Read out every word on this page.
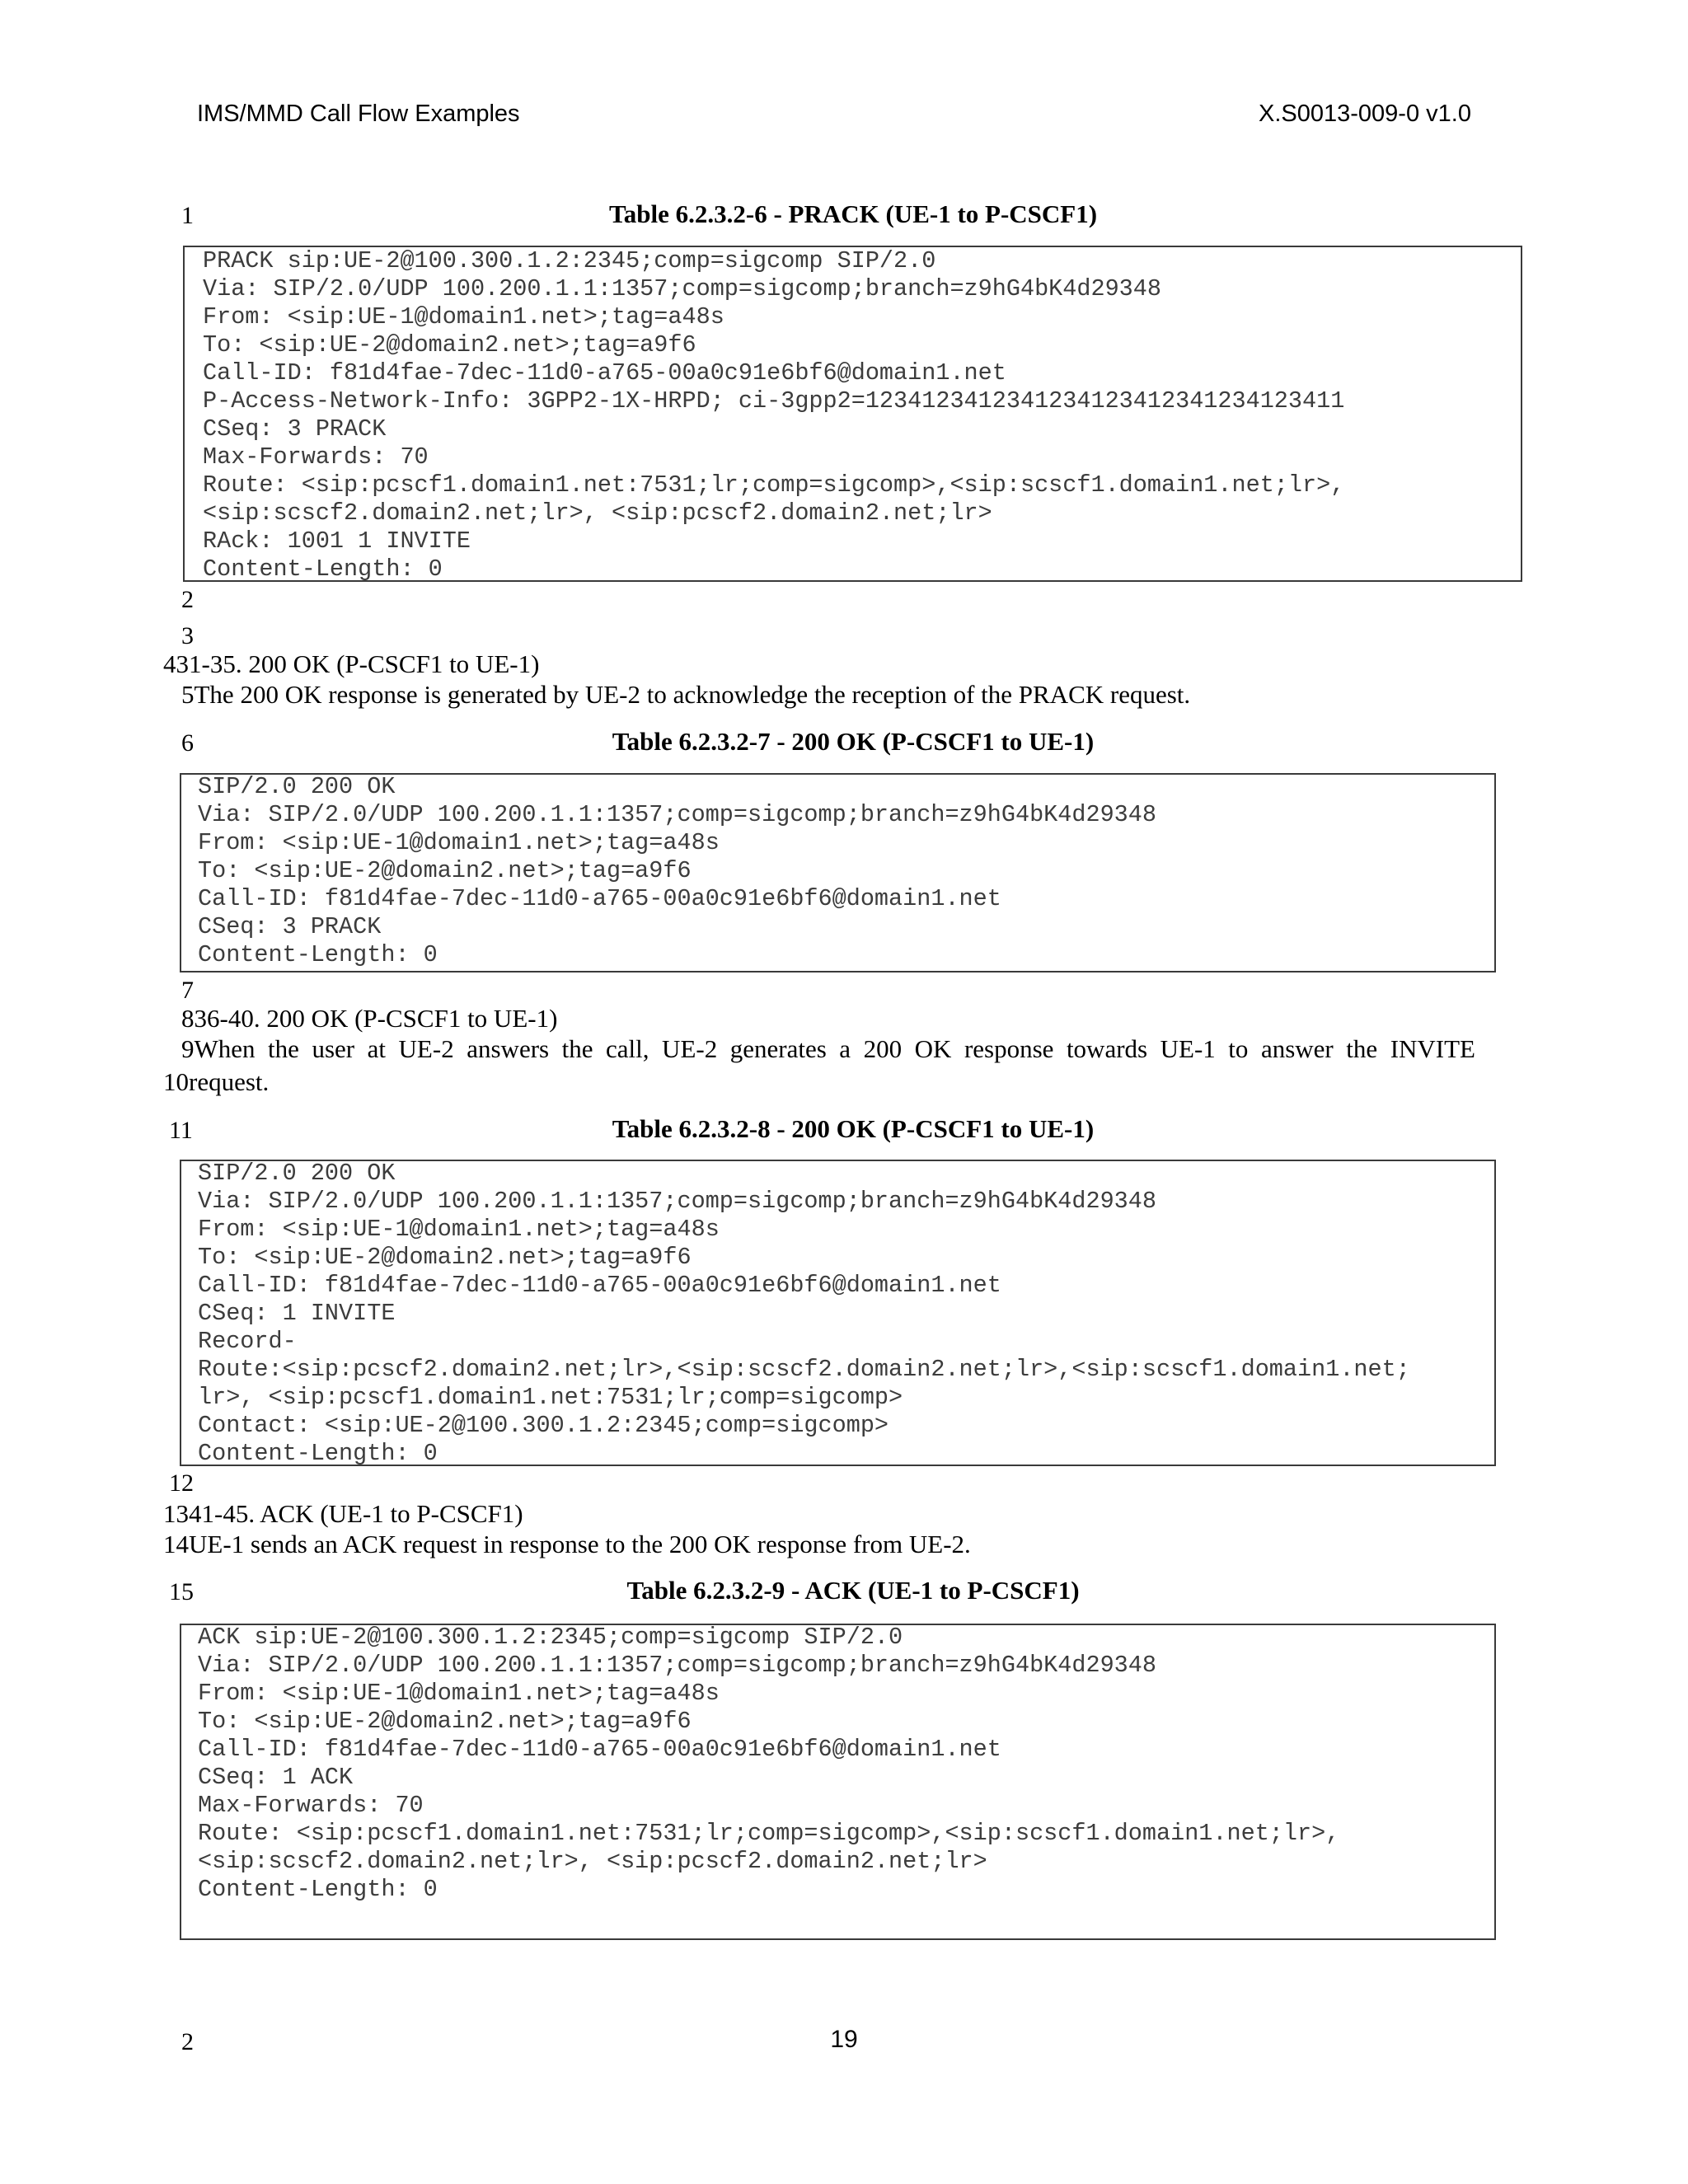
IMS/MMD Call Flow Examples	X.S0013-009-0 v1.0
1	Table 6.2.3.2-6 - PRACK (UE-1 to P-CSCF1)
PRACK sip:UE-2@100.300.1.2:2345;comp=sigcomp SIP/2.0
Via: SIP/2.0/UDP 100.200.1.1:1357;comp=sigcomp;branch=z9hG4bK4d29348
From: <sip:UE-1@domain1.net>;tag=a48s
To: <sip:UE-2@domain2.net>;tag=a9f6
Call-ID: f81d4fae-7dec-11d0-a765-00a0c91e6bf6@domain1.net
P-Access-Network-Info: 3GPP2-1X-HRPD; ci-3gpp2=1234123412341234123412341234123411
CSeq: 3 PRACK
Max-Forwards: 70
Route: <sip:pcscf1.domain1.net:7531;lr;comp=sigcomp>,<sip:scscf1.domain1.net;lr>,
<sip:scscf2.domain2.net;lr>, <sip:pcscf2.domain2.net;lr>
RAck: 1001 1 INVITE
Content-Length: 0
2
3
431-35. 200 OK (P-CSCF1 to UE-1)
5The 200 OK response is generated by UE-2 to acknowledge the reception of the PRACK request.
6	Table 6.2.3.2-7 - 200 OK (P-CSCF1 to UE-1)
SIP/2.0 200 OK
Via: SIP/2.0/UDP 100.200.1.1:1357;comp=sigcomp;branch=z9hG4bK4d29348
From: <sip:UE-1@domain1.net>;tag=a48s
To: <sip:UE-2@domain2.net>;tag=a9f6
Call-ID: f81d4fae-7dec-11d0-a765-00a0c91e6bf6@domain1.net
CSeq: 3 PRACK
Content-Length: 0
7
836-40. 200 OK (P-CSCF1 to UE-1)
9When the user at UE-2 answers the call, UE-2 generates a 200 OK response towards UE-1 to answer the INVITE
10request.
11	Table 6.2.3.2-8 - 200 OK (P-CSCF1 to UE-1)
SIP/2.0 200 OK
Via: SIP/2.0/UDP 100.200.1.1:1357;comp=sigcomp;branch=z9hG4bK4d29348
From: <sip:UE-1@domain1.net>;tag=a48s
To: <sip:UE-2@domain2.net>;tag=a9f6
Call-ID: f81d4fae-7dec-11d0-a765-00a0c91e6bf6@domain1.net
CSeq: 1 INVITE
Record-
Route:<sip:pcscf2.domain2.net;lr>,<sip:scscf2.domain2.net;lr>,<sip:scscf1.domain1.net;
lr>, <sip:pcscf1.domain1.net:7531;lr;comp=sigcomp>
Contact: <sip:UE-2@100.300.1.2:2345;comp=sigcomp>
Content-Length: 0
12
1341-45. ACK (UE-1 to P-CSCF1)
14UE-1 sends an ACK request in response to the 200 OK response from UE-2.
15	Table 6.2.3.2-9 - ACK (UE-1 to P-CSCF1)
ACK sip:UE-2@100.300.1.2:2345;comp=sigcomp SIP/2.0
Via: SIP/2.0/UDP 100.200.1.1:1357;comp=sigcomp;branch=z9hG4bK4d29348
From: <sip:UE-1@domain1.net>;tag=a48s
To: <sip:UE-2@domain2.net>;tag=a9f6
Call-ID: f81d4fae-7dec-11d0-a765-00a0c91e6bf6@domain1.net
CSeq: 1 ACK
Max-Forwards: 70
Route: <sip:pcscf1.domain1.net:7531;lr;comp=sigcomp>,<sip:scscf1.domain1.net;lr>,
<sip:scscf2.domain2.net;lr>, <sip:pcscf2.domain2.net;lr>
Content-Length: 0
2	19
